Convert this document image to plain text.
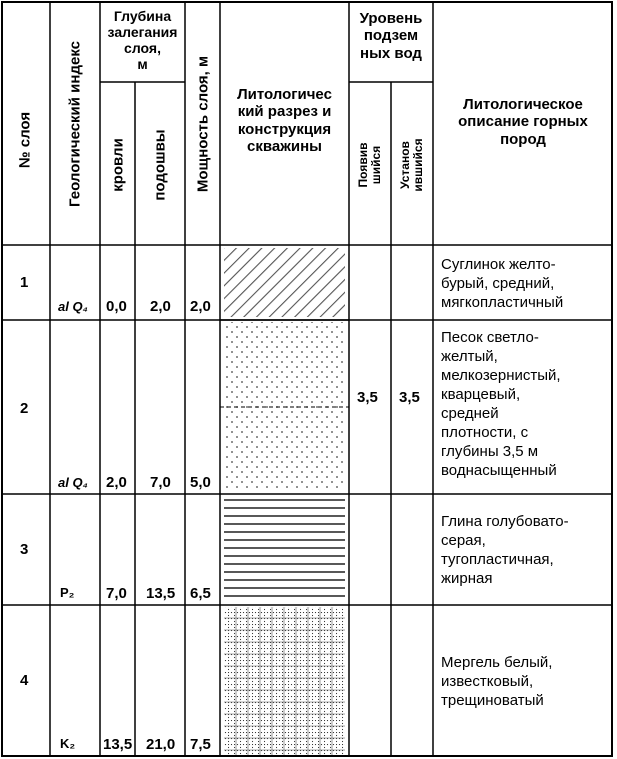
№ слоя Геологический индекс
Глубина
залегания
слоя,
м
кровли подошвы Мощность слоя, м	Литологичес
кий разрез и
конструкция
скважины
Уровень
подзем
ных вод
Появив
шийся Установ
ившийся
Литологическое
описание горных
пород
1
al Q₄ 0,0 2,0 2,0
Суглинок желто-
бурый, средний,
мягкопластичный
2
al Q₄ 2,0 7,0 5,0
3,5 3,5
Песок светло-
желтый,
мелкозернистый,
кварцевый,
средней
плотности, с
глубины 3,5 м
воднасыщенный
3
P₂ 7,0 13,5 6,5
Глина голубовато-
серая,
тугопластичная,
жирная
4
K₂ 13,5 21,0 7,5
Мергель белый,
известковый,
трещиноватый
